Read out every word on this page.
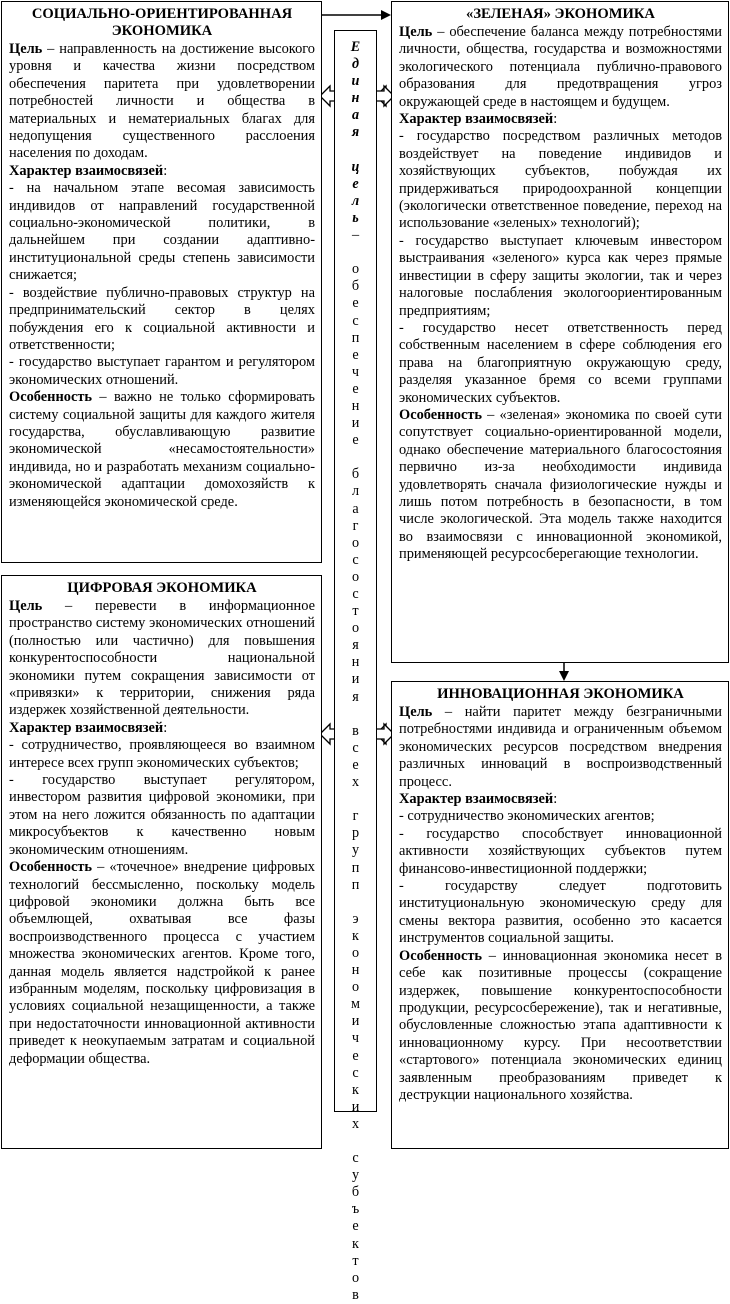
СОЦИАЛЬНО-ОРИЕНТИРОВАННАЯ ЭКОНОМИКА

Цель – направленность на достижение высокого уровня и качества жизни посредством обеспечения паритета при удовлетворении потребностей личности и общества в материальных и нематериальных благах для недопущения существенного расслоения населения по доходам.

Характер взаимосвязей:

- на начальном этапе весомая зависимость индивидов от направлений государственной социально-экономической политики, в дальнейшем при создании адаптивно-институциональной среды степень зависимости снижается;

- воздействие публично-правовых структур на предпринимательский сектор в целях побуждения его к социальной активности и ответственности;

- государство выступает гарантом и регулятором экономических отношений.

Особенность – важно не только сформировать систему социальной защиты для каждого жителя государства, обуславливающую развитие экономической «несамостоятельности» индивида, но и разработать механизм социально-экономической адаптации домохозяйств к изменяющейся экономической среде.

«ЗЕЛЕНАЯ» ЭКОНОМИКА

Цель – обеспечение баланса между потребностями личности, общества, государства и возможностями экологического потенциала публично-правового образования для предотвращения угроз окружающей среде в настоящем и будущем.

Характер взаимосвязей:

- государство посредством различных методов воздействует на поведение индивидов и хозяйствующих субъектов, побуждая их придерживаться природоохранной концепции (экологически ответственное поведение, переход на использование «зеленых» технологий);

- государство выступает ключевым инвестором выстраивания «зеленого» курса как через прямые инвестиции в сферу защиты экологии, так и через налоговые послабления экологоориентированным предприятиям;

- государство несет ответственность перед собственным населением в сфере соблюдения его права на благоприятную окружающую среду, разделяя указанное бремя со всеми группами экономических субъектов.

Особенность – «зеленая» экономика по своей сути сопутствует социально-ориентированной модели, однако обеспечение материального благосостояния первично из-за необходимости индивида удовлетворять сначала физиологические нужды и лишь потом потребность в безопасности, в том числе экологической. Эта модель также находится во взаимосвязи с инновационной экономикой, применяющей ресурсосберегающие технологии.

ЦИФРОВАЯ ЭКОНОМИКА

Цель – перевести в информационное пространство систему экономических отношений (полностью или частично) для повышения конкурентоспособности национальной экономики путем сокращения зависимости от «привязки» к территории, снижения ряда издержек хозяйственной деятельности.

Характер взаимосвязей:

- сотрудничество, проявляющееся во взаимном интересе всех групп экономических субъектов;

- государство выступает регулятором, инвестором развития цифровой экономики, при этом на него ложится обязанность по адаптации микросубъектов к качественно новым экономическим отношениям.

Особенность – «точечное» внедрение цифровых технологий бессмысленно, поскольку модель цифровой экономики должна быть все объемлющей, охватывая все фазы воспроизводственного процесса с участием множества экономических агентов. Кроме того, данная модель является надстройкой к ранее избранным моделям, поскольку цифровизация в условиях социальной незащищенности, а также при недостаточности инновационной активности приведет к неокупаемым затратам и социальной деформации общества.

ИННОВАЦИОННАЯ ЭКОНОМИКА

Цель – найти паритет между безграничными потребностями индивида и ограниченным объемом экономических ресурсов посредством внедрения различных инноваций в воспроизводственный процесс.

Характер взаимосвязей:

- сотрудничество экономических агентов;

- государство способствует инновационной активности хозяйствующих субъектов путем финансово-инвестиционной поддержки;

- государству следует подготовить институциональную экономическую среду для смены вектора развития, особенно это касается инструментов социальной защиты.

Особенность – инновационная экономика несет в себе как позитивные процессы (сокращение издержек, повышение конкурентоспособности продукции, ресурсосбережение), так и негативные, обусловленные сложностью этапа адаптивности к инновационному курсу. При несоответствии «стартового» потенциала экономических единиц заявленным преобразованиям приведет к деструкции национального хозяйства.

Е
д
и
н
а
я

ц
е
л
ь
–

о
б
е
с
п
е
ч
е
н
и
е

б
л
а
г
о
с
о
с
т
о
я
н
и
я

в
с
е
х

г
р
у
п
п

э
к
о
н
о
м
и
ч
е
с
к
и
х

с
у
б
ъ
е
к
т
о
в
